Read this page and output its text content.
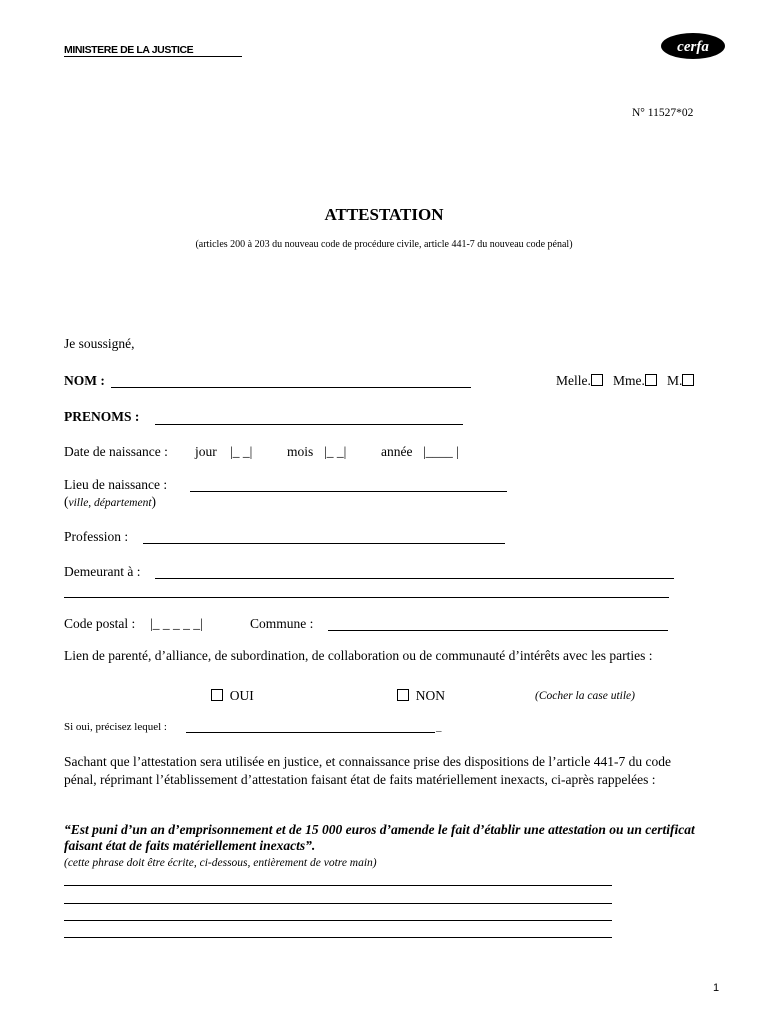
MINISTERE DE LA JUSTICE	cerfa
N° 11527*02
ATTESTATION
(articles 200 à 203 du nouveau code de procédure civile, article 441-7 du nouveau code pénal)
Je soussigné,
NOM :	Melle. Mme. M.
PRENOMS :
Date de naissance : jour |_ _|	mois |_ _|	année |____ |
Lieu de naissance :
(ville, département)
Profession :
Demeurant à :
Code postal : |_ _ _ _ _|	Commune :
Lien de parenté, d’alliance, de subordination, de collaboration ou de communauté d’intérêts avec les parties :
OUI	NON	(Cocher la case utile)
Si oui, précisez lequel :	_
Sachant que l’attestation sera utilisée en justice, et connaissance prise des dispositions de l’article 441-7 du code pénal, réprimant l’établissement d’attestation faisant état de faits matériellement inexacts, ci-après rappelées :
“Est puni d’un an d’emprisonnement et de 15 000 euros d’amende le fait d’établir une attestation ou un certificat faisant état de faits matériellement inexacts”.
(cette phrase doit être écrite, ci-dessous, entièrement de votre main)
1
